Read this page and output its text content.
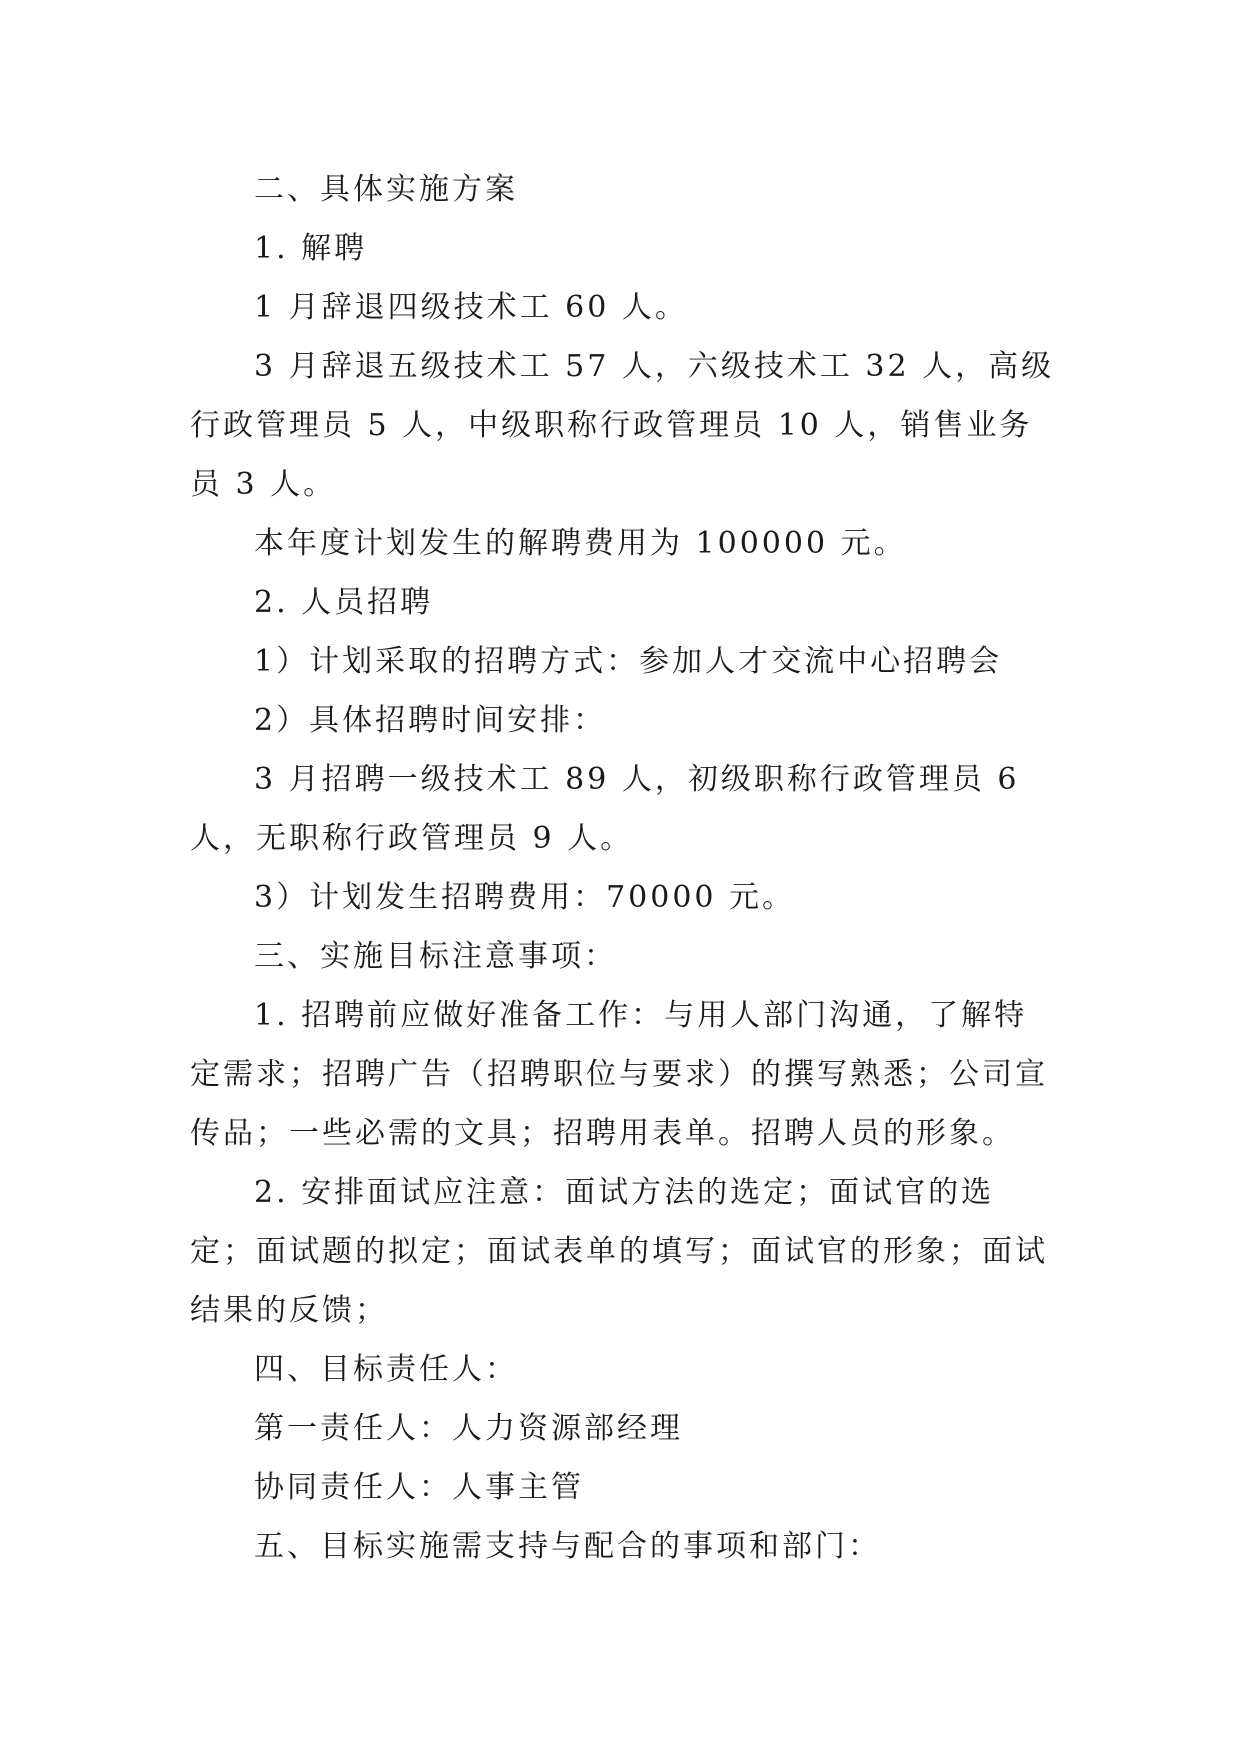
二、具体实施方案

1. 解聘

1 月辞退四级技术工 60 人。

3 月辞退五级技术工 57 人，六级技术工 32 人，高级行政管理员 5 人，中级职称行政管理员 10 人，销售业务员 3 人。

本年度计划发生的解聘费用为 100000 元。

2. 人员招聘

1）计划采取的招聘方式：参加人才交流中心招聘会

2）具体招聘时间安排：

3 月招聘一级技术工 89 人，初级职称行政管理员 6 人，无职称行政管理员 9 人。

3）计划发生招聘费用：70000 元。

三、实施目标注意事项：

1. 招聘前应做好准备工作：与用人部门沟通，了解特定需求；招聘广告（招聘职位与要求）的撰写熟悉；公司宣传品；一些必需的文具；招聘用表单。招聘人员的形象。

2. 安排面试应注意：面试方法的选定；面试官的选定；面试题的拟定；面试表单的填写；面试官的形象；面试结果的反馈；

四、目标责任人：

第一责任人：人力资源部经理

协同责任人：人事主管

五、目标实施需支持与配合的事项和部门：
